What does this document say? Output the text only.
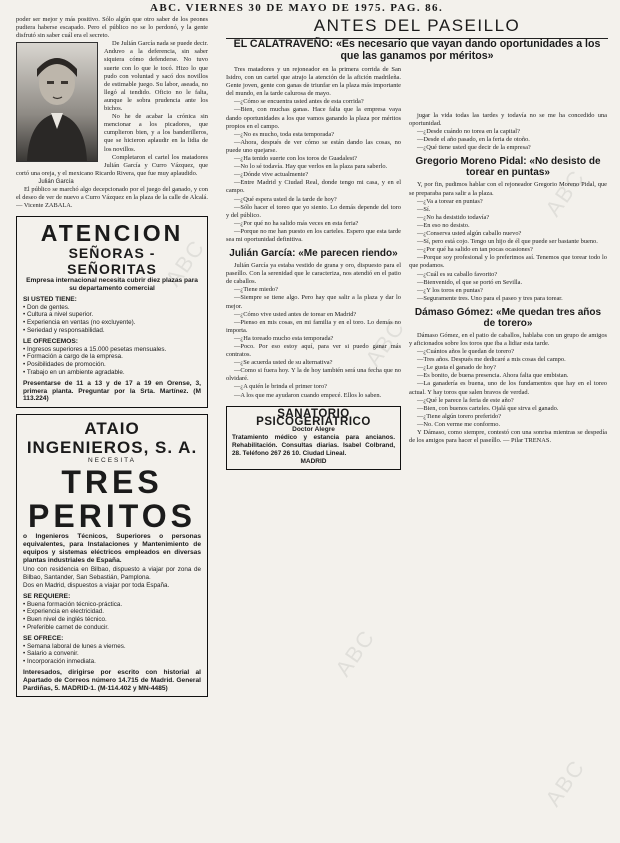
ABC. VIERNES 30 DE MAYO DE 1975. PAG. 86.

poder ser mejor y más positivo. Sólo algún que otro saber de los peones pudiera haberse escapado. Pero el público no se lo perdonó, y la gente disfrutó sin saber cuál era el secreto.

De Julián García nada se puede decir. Anduvo a la deferencia, sin saber siquiera cómo defenderse. No tuvo suerte con lo que le tocó. Hizo lo que pudo con voluntad y sacó dos novillos de estimable juego. Su labor, aseada, no llegó al tendido. Oficio no le falta, aunque le sobra prudencia ante los bichos.

No he de acabar la crónica sin mencionar a los picadores, que cumplieron bien, y a los banderilleros, que se hicieron aplaudir en la lidia de los novillos.

Completaron el cartel los matadores Julián García y Curro Vázquez, que cortó una oreja, y el mexicano Ricardo Rivera, que fue muy aplaudido.

Julián García

El público se marchó algo decepcionado por el juego del ganado, y con el deseo de ver de nuevo a Curro Vázquez en la plaza de la calle de Alcalá. — Vicente ZABALA.

ATENCION
SEÑORAS - SEÑORITAS
Empresa internacional necesita cubrir diez plazas para su departamento comercial
SI USTED TIENE:
• Don de gentes.
• Cultura a nivel superior.
• Experiencia en ventas (no excluyente).
• Seriedad y responsabilidad.
LE OFRECEMOS:
• Ingresos superiores a 15.000 pesetas mensuales.
• Formación a cargo de la empresa.
• Posibilidades de promoción.
• Trabajo en un ambiente agradable.
Presentarse de 11 a 13 y de 17 a 19 en Orense, 3, primera planta. Preguntar por la Srta. Martínez. (M 113.224)
ATAIO INGENIEROS, S. A.
NECESITA
TRES PERITOS
o Ingenieros Técnicos, Superiores o personas equivalentes, para Instalaciones y Mantenimiento de equipos y sistemas eléctricos empleados en diversas plantas industriales de España.
Uno con residencia en Bilbao, dispuesto a viajar por zona de Bilbao, Santander, San Sebastián, Pamplona.
Dos en Madrid, dispuestos a viajar por toda España.
SE REQUIERE:
• Buena formación técnico-práctica.
• Experiencia en electricidad.
• Buen nivel de inglés técnico.
• Preferible carnet de conducir.
SE OFRECE:
• Semana laboral de lunes a viernes.
• Salario a convenir.
• Incorporación inmediata.
Interesados, dirigirse por escrito con historial al Apartado de Correos número 14.715 de Madrid. General Pardiñas, 5. MADRID-1. (M-114.402 y MN-4485)
ANTES DEL PASEILLO
EL CALATRAVEÑO: «Es necesario que vayan dando oportunidades a los que las ganamos por méritos»

Tres matadores y un rejoneador en la primera corrida de San Isidro, con un cartel que atrajo la atención de la afición madrileña. Gente joven, gente con ganas de triunfar en la plaza más importante del mundo, en la tarde calurosa de mayo.

—¿Cómo se encuentra usted antes de esta corrida?

—Bien, con muchas ganas. Hace falta que la empresa vaya dando oportunidades a los que vamos ganando la plaza por méritos propios en el campo.

—¿No es mucho, toda esta temporada?

—Ahora, después de ver cómo se están dando las cosas, no puede uno quejarse.

—¿Ha tenido suerte con los toros de Guadalest?

—No lo sé todavía. Hay que verlos en la plaza para saberlo.

—¿Dónde vive actualmente?

—Entre Madrid y Ciudad Real, donde tengo mi casa, y en el campo.

—¿Qué espera usted de la tarde de hoy?

—Sólo hacer el toreo que yo siento. Lo demás depende del toro y del público.

—¿Por qué no ha salido más veces en esta feria?

—Porque no me han puesto en los carteles. Espero que esta tarde sea mi oportunidad definitiva.

Julián García: «Me parecen riendo»

Julián García ya estaba vestido de grana y oro, dispuesto para el paseíllo. Con la serenidad que le caracteriza, nos atendió en el patio de caballos.

—¿Tiene miedo?

—Siempre se tiene algo. Pero hay que salir a la plaza y dar lo mejor.

—¿Cómo vive usted antes de torear en Madrid?

—Pienso en mis cosas, en mi familia y en el toro. Lo demás no importa.

—¿Ha toreado mucho esta temporada?

—Poco. Por eso estoy aquí, para ver si puedo ganar más contratos.

—¿Se acuerda usted de su alternativa?

—Como si fuera hoy. Y la de hoy también será una fecha que no olvidaré.

—¿A quién le brinda el primer toro?

—A los que me ayudaron cuando empecé. Ellos lo saben.

SANATORIO PSICOGERIATRICO
Doctor Alegre
Tratamiento médico y estancia para ancianos. Rehabilitación. Consultas diarias. Isabel Colbrand, 28. Teléfono 267 26 10. Ciudad Lineal.
MADRID

jugar la vida todas las tardes y todavía no se me ha concedido una oportunidad.

—¿Desde cuándo no torea en la capital?

—Desde el año pasado, en la feria de otoño.

—¿Qué tiene usted que decir de la empresa?

Gregorio Moreno Pidal: «No desisto de torear en puntas»

Y, por fin, pudimos hablar con el rejoneador Gregorio Moreno Pidal, que se preparaba para salir a la plaza.

—¿Va a torear en puntas?

—Sí.

—¿No ha desistido todavía?

—En eso no desisto.

—¿Conserva usted algún caballo nuevo?

—Sí, pero está cojo. Tengo un hijo de él que puede ser bastante bueno.

—¿Por qué ha salido en tan pocas ocasiones?

—Porque soy profesional y lo preferimos así. Tenemos que torear todo lo que podamos.

—¿Cuál es su caballo favorito?

—Bienvenido, el que se portó en Sevilla.

—¿Y los toros en puntas?

—Seguramente tres. Uno para el paseo y tres para torear.

Dámaso Gómez: «Me quedan tres años de torero»

Dámaso Gómez, en el patio de caballos, hablaba con un grupo de amigos y aficionados sobre los toros que iba a lidiar esta tarde.

—¿Cuántos años le quedan de torero?

—Tres años. Después me dedicaré a mis cosas del campo.

—¿Le gusta el ganado de hoy?

—Es bonito, de buena presencia. Ahora falta que embistan.

—La ganadería es buena, uno de los fundamentos que hay en el toreo actual. Y hay toros que salen bravos de verdad.

—¿Qué le parece la feria de este año?

—Bien, con buenos carteles. Ojalá que sirva el ganado.

—¿Tiene algún torero preferido?

—No. Con verme me conformo.

Y Dámaso, como siempre, contestó con una sonrisa mientras se despedía de los amigos para hacer el paseíllo. — Pilar TRENAS.

ABC
ABC
ABC
ABC
ABC
